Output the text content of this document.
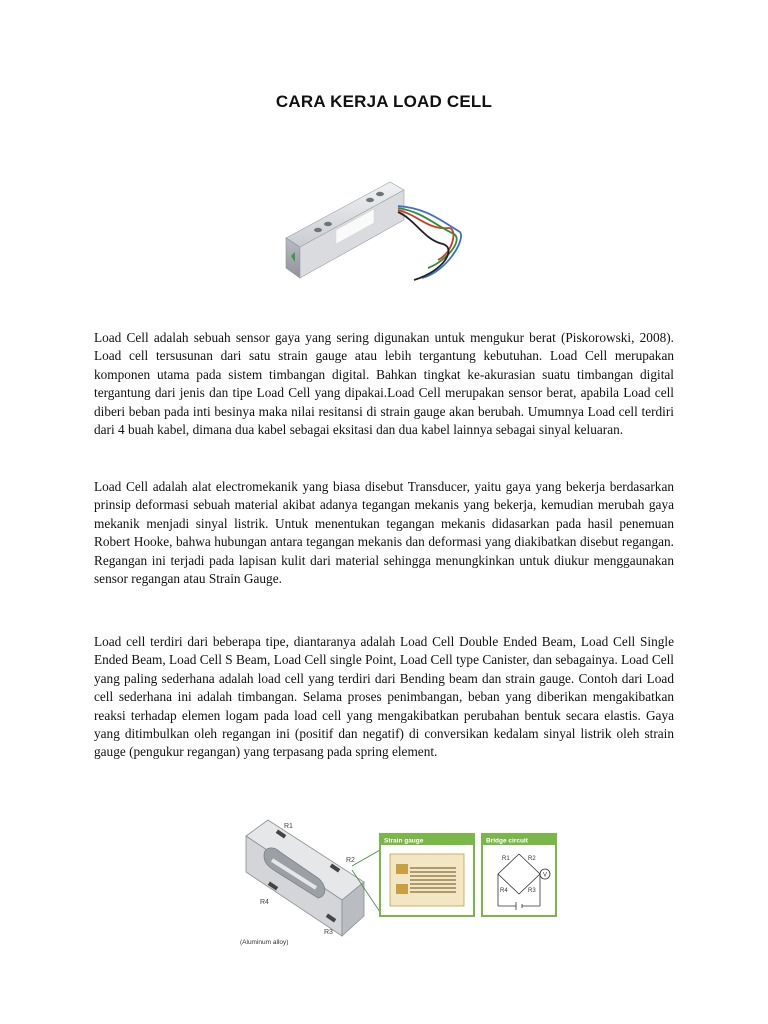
CARA KERJA LOAD CELL

Load Cell adalah sebuah sensor gaya yang sering digunakan untuk mengukur berat (Piskorowski, 2008). Load cell tersusunan dari satu strain gauge atau lebih tergantung kebutuhan. Load Cell merupakan komponen utama pada sistem timbangan digital. Bahkan tingkat ke-akurasian suatu timbangan digital tergantung dari jenis dan tipe Load Cell yang dipakai.Load Cell merupakan sensor berat, apabila Load cell diberi beban pada inti besinya maka nilai resitansi di strain gauge akan berubah. Umumnya Load cell terdiri dari 4 buah kabel, dimana dua kabel sebagai eksitasi dan dua kabel lainnya sebagai sinyal keluaran.

Load Cell adalah alat electromekanik yang biasa disebut Transducer, yaitu gaya yang bekerja berdasarkan prinsip deformasi sebuah material akibat adanya tegangan mekanis yang bekerja, kemudian merubah gaya mekanik menjadi sinyal listrik. Untuk menentukan tegangan mekanis didasarkan pada hasil penemuan Robert Hooke, bahwa hubungan antara tegangan mekanis dan deformasi yang diakibatkan disebut regangan. Regangan ini terjadi pada lapisan kulit dari material sehingga menungkinkan untuk diukur menggaunakan sensor regangan atau Strain Gauge.

Load cell terdiri dari beberapa tipe, diantaranya adalah Load Cell Double Ended Beam, Load Cell Single Ended Beam, Load Cell S Beam, Load Cell single Point, Load Cell type Canister, dan sebagainya. Load Cell yang paling sederhana adalah load cell yang terdiri dari Bending beam dan strain gauge. Contoh dari Load cell sederhana ini adalah timbangan. Selama proses penimbangan, beban yang diberikan mengakibatkan reaksi terhadap elemen logam pada load cell yang mengakibatkan perubahan bentuk secara elastis. Gaya yang ditimbulkan oleh regangan ini (positif dan negatif) di conversikan kedalam sinyal listrik oleh strain gauge (pengukur regangan) yang terpasang pada spring element.

R1
R2
R4
R3
(Aluminum alloy)
Strain gauge	Bridge circuit
V
R1	R2
R3
R4
